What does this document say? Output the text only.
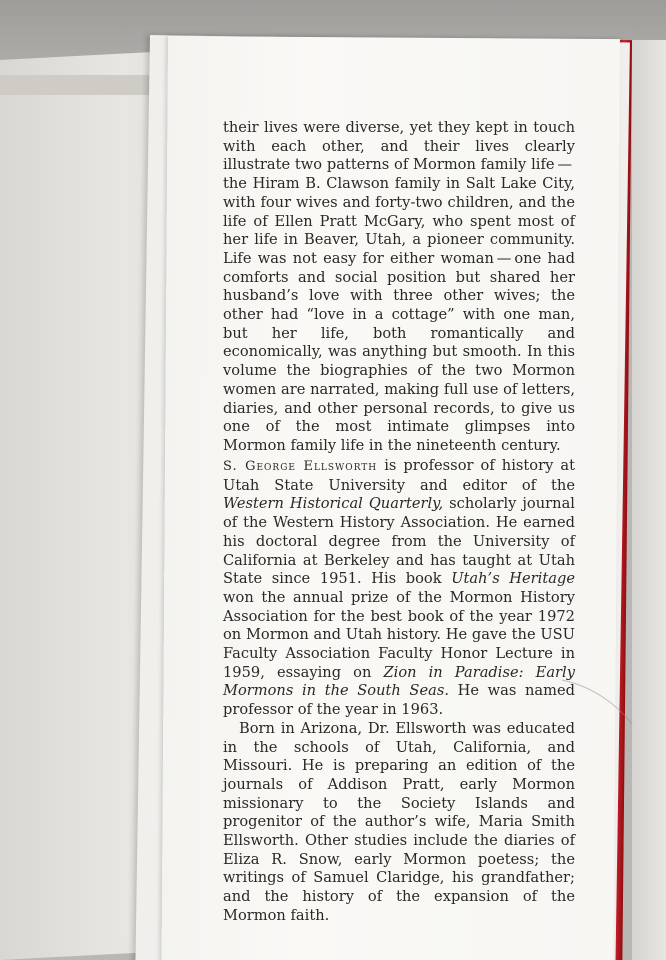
their lives were diverse, yet they kept in touch with each other, and their lives clearly illustrate two patterns of Mormon family life — the Hiram B. Clawson family in Salt Lake City, with four wives and forty-two children, and the life of Ellen Pratt McGary, who spent most of her life in Beaver, Utah, a pioneer community. Life was not easy for either woman — one had comforts and social position but shared her husband’s love with three other wives; the other had “love in a cottage” with one man, but her life, both romantically and economically, was anything but smooth. In this volume the biographies of the two Mormon women are narrated, making full use of letters, diaries, and other personal records, to give us one of the most intimate glimpses into Mormon family life in the nineteenth century.

S. George Ellsworth is professor of history at Utah State University and editor of the Western Historical Quarterly, scholarly journal of the Western History Association. He earned his doctoral degree from the University of California at Berkeley and has taught at Utah State since 1951. His book Utah’s Heritage won the annual prize of the Mormon History Association for the best book of the year 1972 on Mormon and Utah history. He gave the USU Faculty Association Faculty Honor Lecture in 1959, essaying on Zion in Paradise: Early Mormons in the South Seas. He was named professor of the year in 1963.

Born in Arizona, Dr. Ellsworth was educated in the schools of Utah, California, and Missouri. He is preparing an edition of the journals of Addison Pratt, early Mormon missionary to the Society Islands and progenitor of the author’s wife, Maria Smith Ellsworth. Other studies include the diaries of Eliza R. Snow, early Mormon poetess; the writings of Samuel Claridge, his grandfather; and the history of the expansion of the Mormon faith.
